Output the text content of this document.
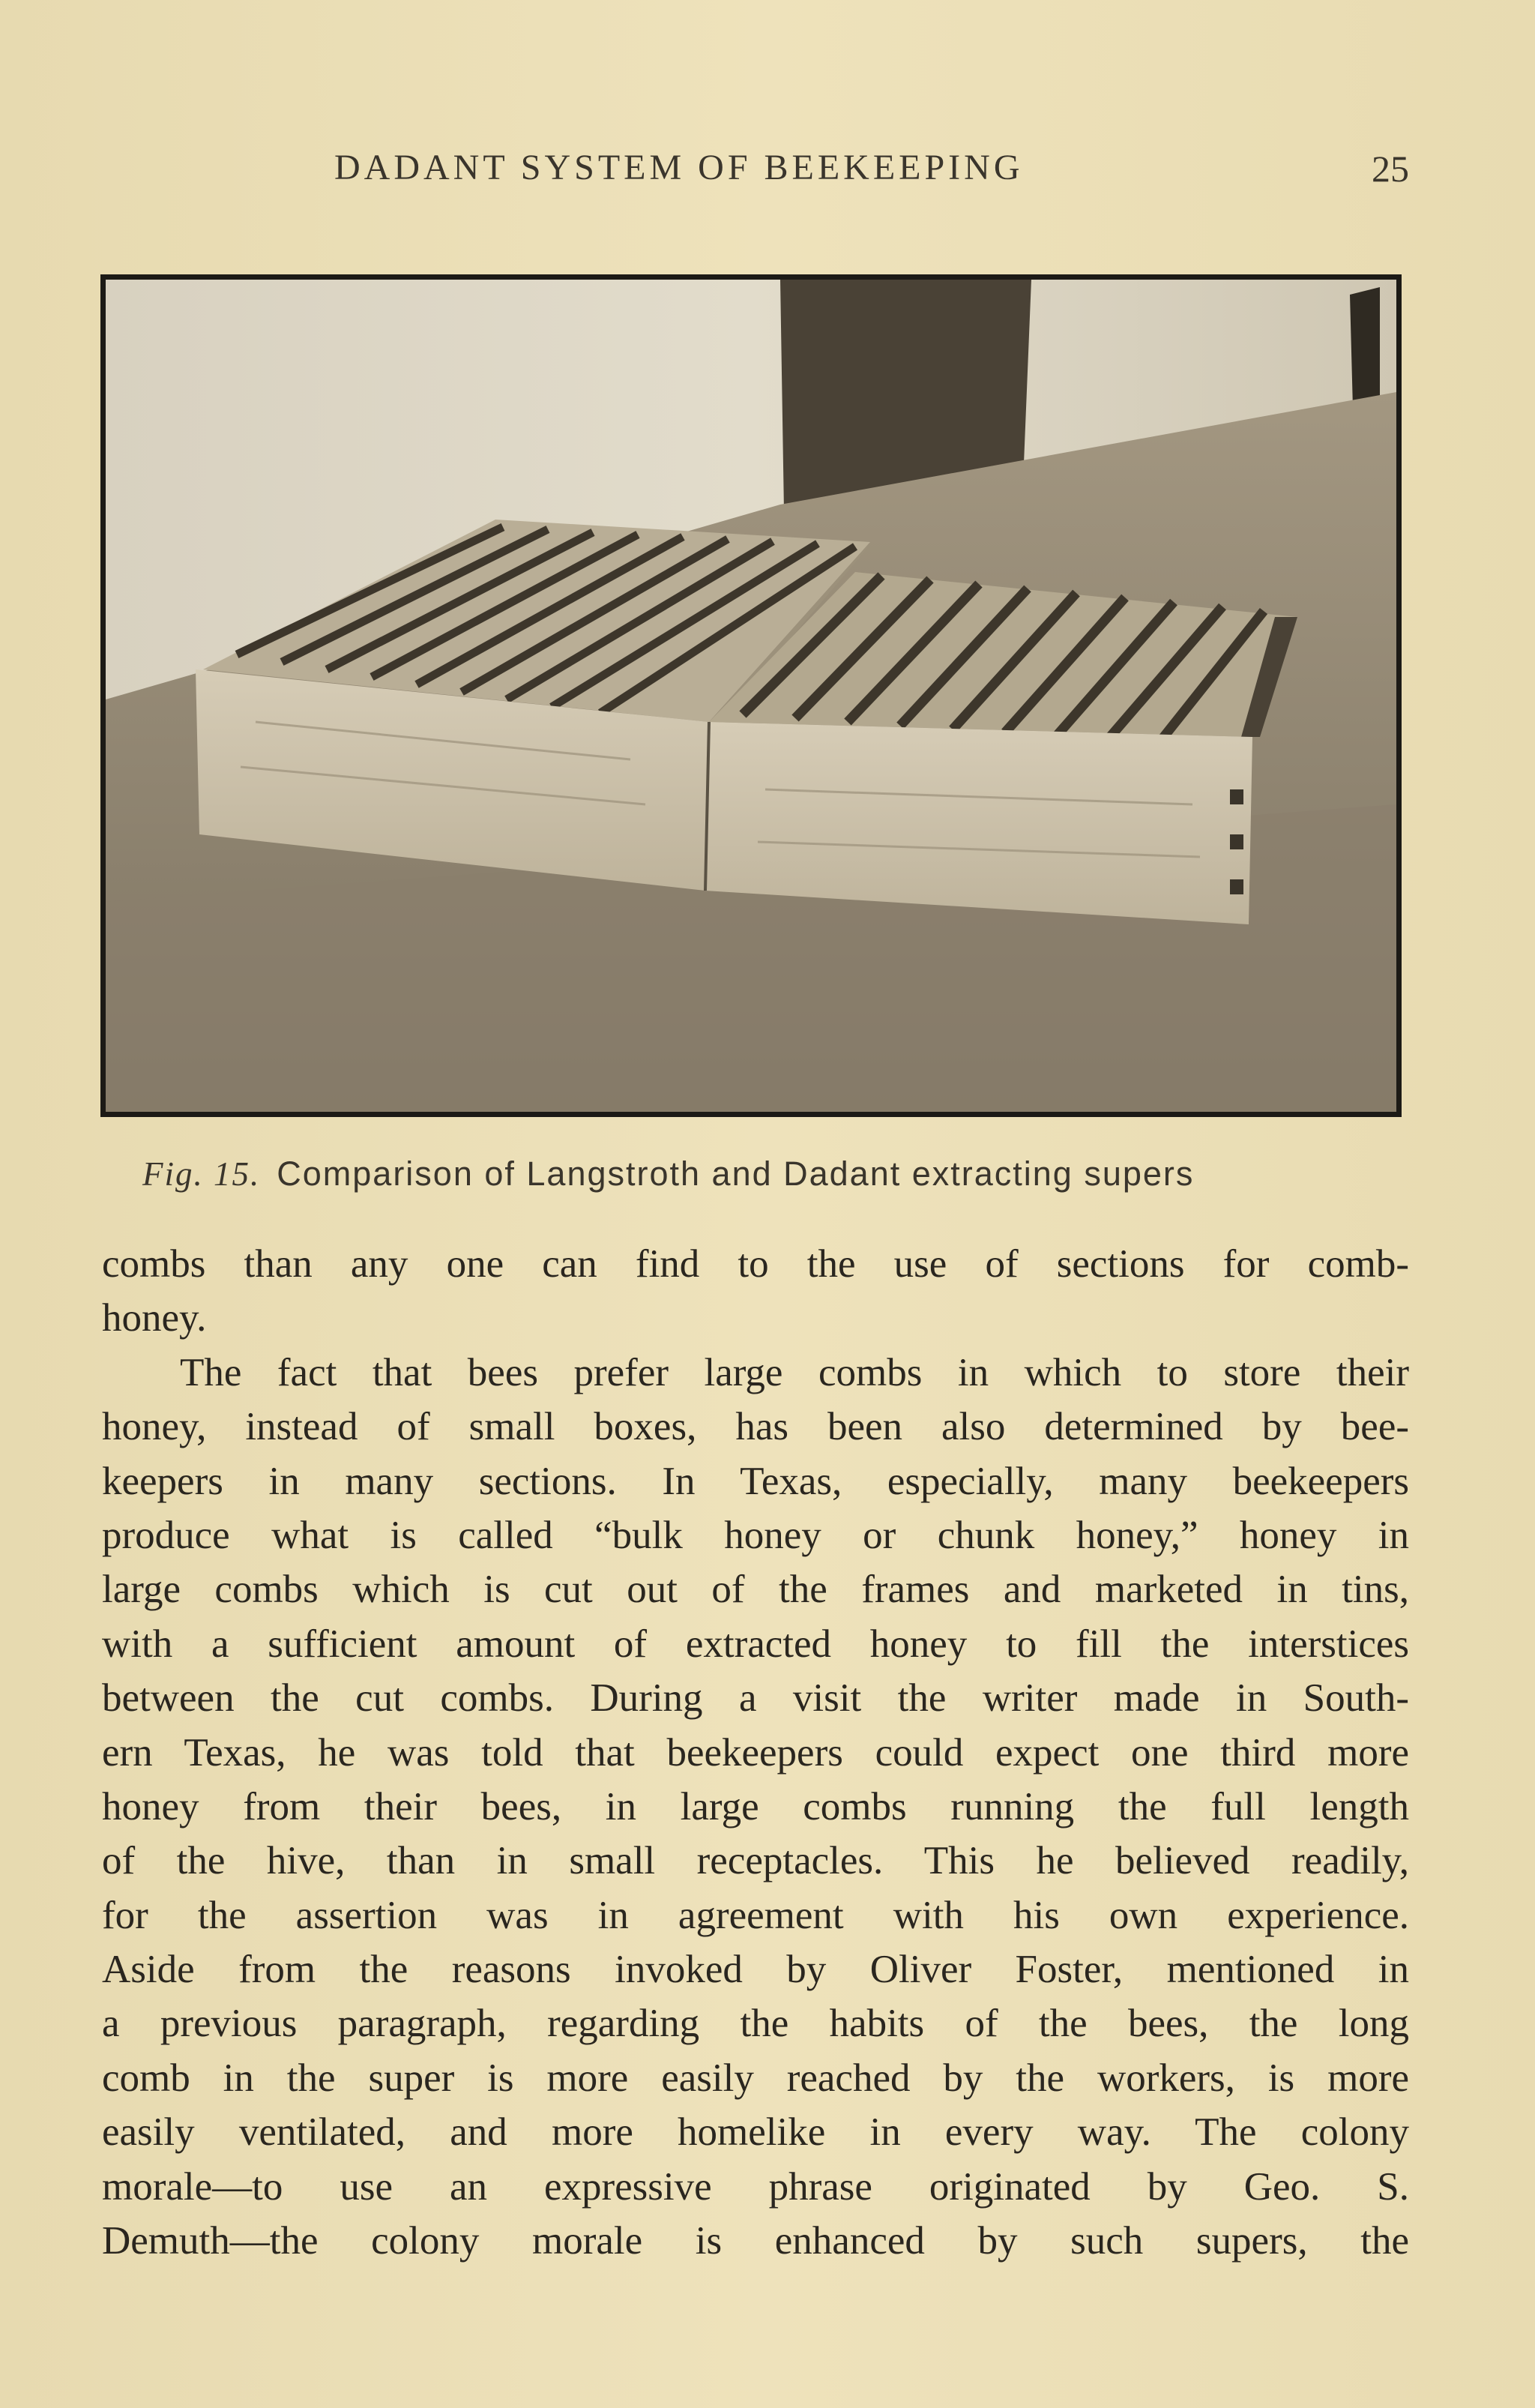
DADANT SYSTEM OF BEEKEEPING	25
Fig. 15. Comparison of Langstroth and Dadant extracting supers
combs than any one can find to the use of sections for comb-
honey.
The fact that bees prefer large combs in which to store their
honey, instead of small boxes, has been also determined by bee-
keepers in many sections. In Texas, especially, many beekeepers
produce what is called “bulk honey or chunk honey,” honey in
large combs which is cut out of the frames and marketed in tins,
with a sufficient amount of extracted honey to fill the interstices
between the cut combs. During a visit the writer made in South-
ern Texas, he was told that beekeepers could expect one third more
honey from their bees, in large combs running the full length
of the hive, than in small receptacles. This he believed readily,
for the assertion was in agreement with his own experience.
Aside from the reasons invoked by Oliver Foster, mentioned in
a previous paragraph, regarding the habits of the bees, the long
comb in the super is more easily reached by the workers, is more
easily ventilated, and more homelike in every way. The colony
morale—to use an expressive phrase originated by Geo. S.
Demuth—the colony morale is enhanced by such supers, the
